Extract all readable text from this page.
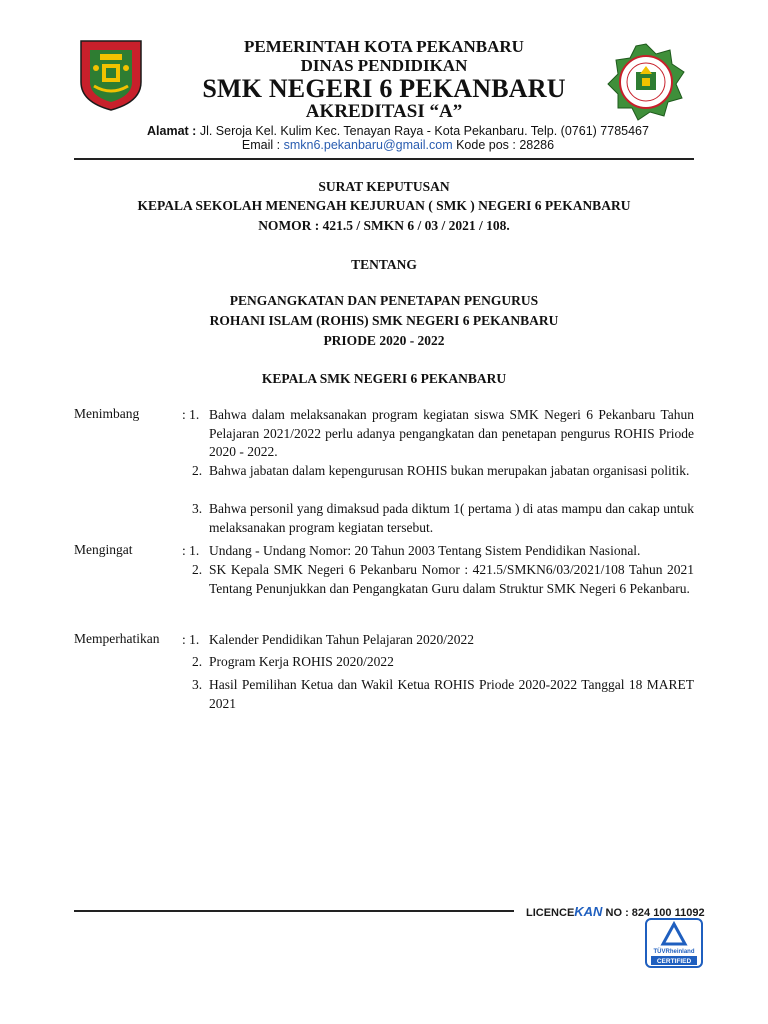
PEMERINTAH KOTA PEKANBARU
DINAS PENDIDIKAN
SMK NEGERI 6 PEKANBARU
AKREDITASI “A”
Alamat : Jl. Seroja Kel. Kulim Kec. Tenayan Raya - Kota Pekanbaru. Telp. (0761) 7785467
Email : smkn6.pekanbaru@gmail.com Kode pos : 28286
SURAT KEPUTUSAN
KEPALA SEKOLAH MENENGAH KEJURUAN ( SMK ) NEGERI 6 PEKANBARU
NOMOR : 421.5 / SMKN 6 / 03 / 2021 / 108.
TENTANG
PENGANGKATAN DAN PENETAPAN PENGURUS
ROHANI ISLAM (ROHIS) SMK NEGERI 6 PEKANBARU
PRIODE 2020 - 2022
KEPALA SMK NEGERI 6 PEKANBARU
Menimbang	: 1. Bahwa dalam melaksanakan program kegiatan siswa SMK Negeri 6 Pekanbaru Tahun Pelajaran 2021/2022 perlu adanya pengangkatan dan penetapan pengurus ROHIS Priode 2020 - 2022.
2. Bahwa jabatan dalam kepengurusan ROHIS bukan merupakan jabatan organisasi politik.
3. Bahwa personil yang dimaksud pada diktum 1( pertama ) di atas mampu dan cakap untuk melaksanakan program kegiatan tersebut.
Mengingat	: 1. Undang - Undang Nomor: 20 Tahun 2003 Tentang Sistem Pendidikan Nasional.
2. SK Kepala SMK Negeri 6 Pekanbaru Nomor : 421.5/SMKN6/03/2021/108 Tahun 2021 Tentang Penunjukkan dan Pengangkatan Guru dalam Struktur SMK Negeri 6 Pekanbaru.
Memperhatikan : 1. Kalender Pendidikan Tahun Pelajaran 2020/2022
2. Program Kerja ROHIS 2020/2022
3. Hasil Pemilihan Ketua dan Wakil Ketua ROHIS Priode 2020-2022 Tanggal 18 MARET 2021
LICENCEKAN NO : 824 100 11092
TÜVRheinland
CERTIFIED
